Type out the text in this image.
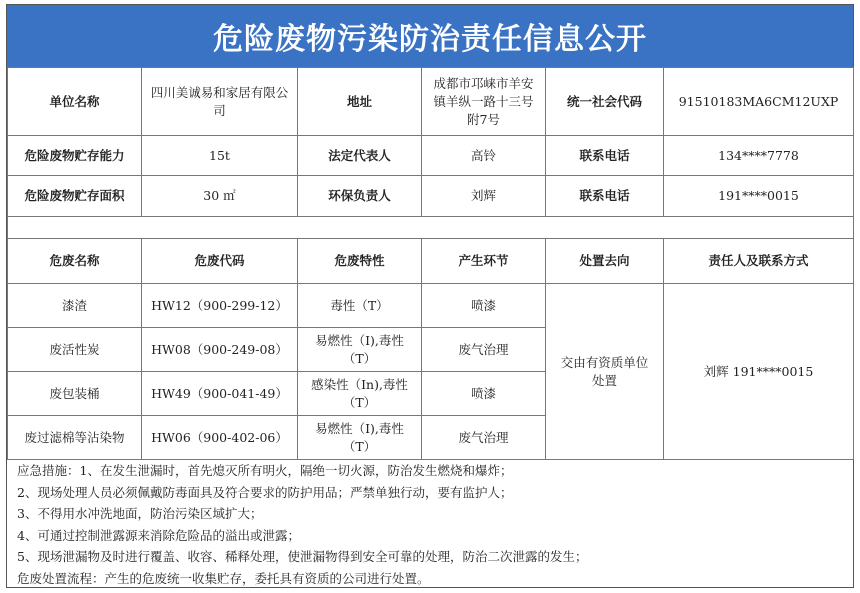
危险废物污染防治责任信息公开
单位名称	四川美诚易和家居有限公司	地址	成都市邛崃市羊安镇羊纵一路十三号附7号	统一社会代码	91510183MA6CM12UXP
危险废物贮存能力	15t	法定代表人	高铃	联系电话	134****7778
危险废物贮存面积	30 ㎡	环保负责人	刘辉	联系电话	191****0015

危废名称	危废代码	危废特性	产生环节	处置去向	责任人及联系方式
漆渣	HW12（900-299-12）	毒性（T）	喷漆	交由有资质单位处置	刘辉 191****0015
废活性炭	HW08（900-249-08）	易燃性（I),毒性（T）	废气治理		
废包装桶	HW49（900-041-49）	感染性（In),毒性（T）	喷漆		
废过滤棉等沾染物	HW06（900-402-06）	易燃性（I),毒性（T）	废气治理		
应急措施：1、在发生泄漏时，首先熄灭所有明火，隔绝一切火源，防治发生燃烧和爆炸；
2、现场处理人员必须佩戴防毒面具及符合要求的防护用品；严禁单独行动，要有监护人；
3、不得用水冲洗地面，防治污染区域扩大；
4、可通过控制泄露源来消除危险品的溢出或泄露；
5、现场泄漏物及时进行覆盖、收容、稀释处理，使泄漏物得到安全可靠的处理，防治二次泄露的发生；
危废处置流程：产生的危废统一收集贮存，委托具有资质的公司进行处置。
